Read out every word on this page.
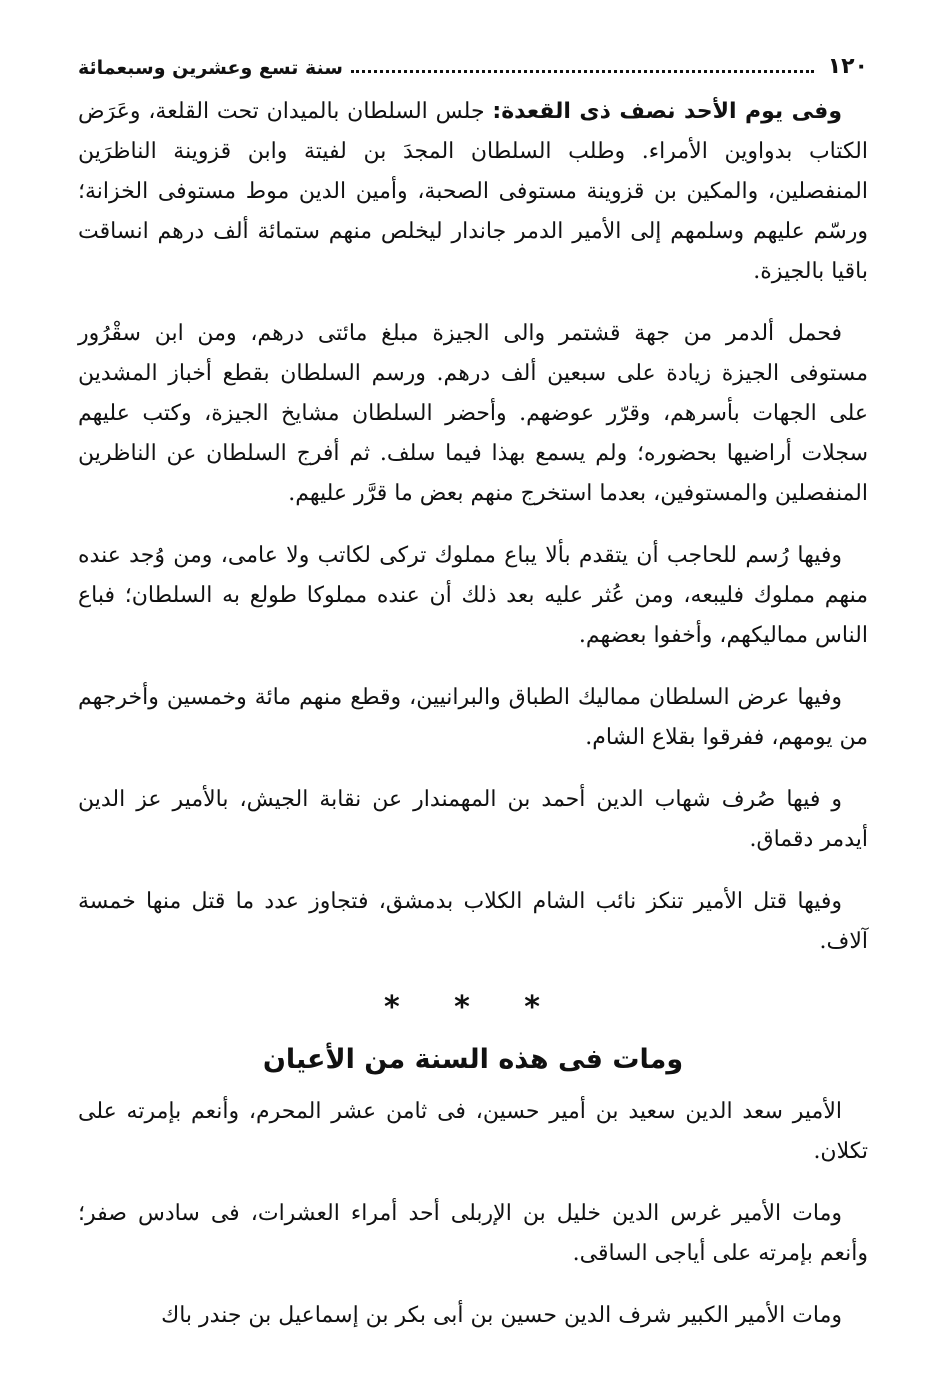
١٢٠
سنة تسع وعشرين وسبعمائة

وفى يوم الأحد نصف ذى القعدة: جلس السلطان بالميدان تحت القلعة، وعَرَض الكتاب بدواوين الأمراء. وطلب السلطان المجدَ بن لفيتة وابن قزوينة الناظرَين المنفصلين، والمكين بن قزوينة مستوفى الصحبة، وأمين الدين موط مستوفى الخزانة؛ ورسّم عليهم وسلمهم إلى الأمير الدمر جاندار ليخلص منهم ستمائة ألف درهم انساقت باقيا بالجيزة.

فحمل ألدمر من جهة قشتمر والى الجيزة مبلغ مائتى درهم، ومن ابن سقْرُور مستوفى الجيزة زيادة على سبعين ألف درهم. ورسم السلطان بقطع أخباز المشدين على الجهات بأسرهم، وقرّر عوضهم. وأحضر السلطان مشايخ الجيزة، وكتب عليهم سجلات أراضيها بحضوره؛ ولم يسمع بهذا فيما سلف. ثم أفرج السلطان عن الناظرين المنفصلين والمستوفين، بعدما استخرج منهم بعض ما قرَّر عليهم.

وفيها رُسم للحاجب أن يتقدم بألا يباع مملوك تركى لكاتب ولا عامى، ومن وُجد عنده منهم مملوك فليبعه، ومن عُثر عليه بعد ذلك أن عنده مملوكا طولع به السلطان؛ فباع الناس مماليكهم، وأخفوا بعضهم.

وفيها عرض السلطان مماليك الطباق والبرانيين، وقطع منهم مائة وخمسين وأخرجهم من يومهم، ففرقوا بقلاع الشام.

و فيها صُرف شهاب الدين أحمد بن المهمندار عن نقابة الجيش، بالأمير عز الدين أيدمر دقماق.

وفيها قتل الأمير تنكز نائب الشام الكلاب بدمشق، فتجاوز عدد ما قتل منها خمسة آلاف.

* * *
ومات فى هذه السنة من الأعيان

الأمير سعد الدين سعيد بن أمير حسين، فى ثامن عشر المحرم، وأنعم بإمرته على تكلان.

ومات الأمير غرس الدين خليل بن الإربلى أحد أمراء العشرات، فى سادس صفر؛ وأنعم بإمرته على أياجى الساقى.

ومات الأمير الكبير شرف الدين حسين بن أبى بكر بن إسماعيل بن جندر باك
